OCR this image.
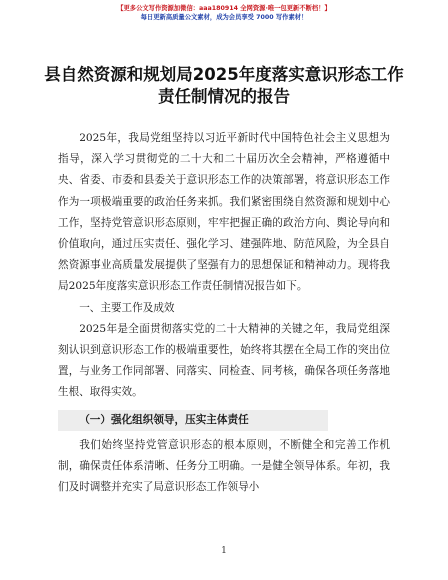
【更多公文写作资源加微信：aaa180914 全网资源·唯一包更新不断档！】
每日更新高质量公文素材，成为会员享受 7000 写作素材！
县自然资源和规划局2025年度落实意识形态工作责任制情况的报告

2025年，我局党组坚持以习近平新时代中国特色社会主义思想为指导，深入学习贯彻党的二十大和二十届历次全会精神，严格遵循中央、省委、市委和县委关于意识形态工作的决策部署，将意识形态工作作为一项极端重要的政治任务来抓。我们紧密围绕自然资源和规划中心工作，坚持党管意识形态原则，牢牢把握正确的政治方向、舆论导向和价值取向，通过压实责任、强化学习、建强阵地、防范风险，为全县自然资源事业高质量发展提供了坚强有力的思想保证和精神动力。现将我局2025年度落实意识形态工作责任制情况报告如下。

一、主要工作及成效

2025年是全面贯彻落实党的二十大精神的关键之年，我局党组深刻认识到意识形态工作的极端重要性，始终将其摆在全局工作的突出位置，与业务工作同部署、同落实、同检查、同考核，确保各项任务落地生根、取得实效。

（一）强化组织领导，压实主体责任

我们始终坚持党管意识形态的根本原则，不断健全和完善工作机制，确保责任体系清晰、任务分工明确。一是健全领导体系。年初，我们及时调整并充实了局意识形态工作领导小

1
